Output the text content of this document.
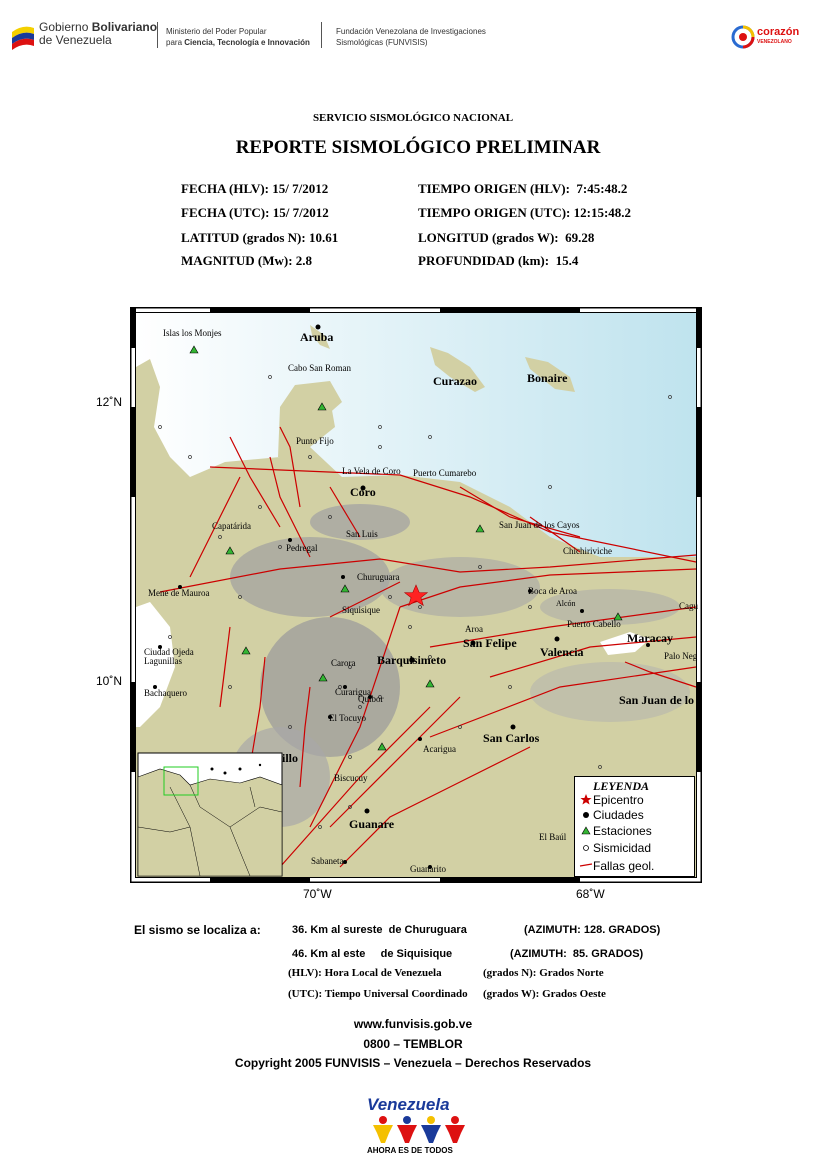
Gobierno Bolivariano
de Venezuela
Ministerio del Poder Popular
para Ciencia, Tecnología e Innovación
Fundación Venezolana de Investigaciones
Sismológicas (FUNVISIS)
corazón
VENEZOLANO
SERVICIO SISMOLÓGICO NACIONAL
REPORTE SISMOLÓGICO PRELIMINAR
FECHA (HLV): 15/ 7/2012	TIEMPO ORIGEN (HLV):  7:45:48.2
FECHA (UTC): 15/ 7/2012	TIEMPO ORIGEN (UTC): 12:15:48.2
LATITUD (grados N): 10.61	LONGITUD (grados W):  69.28
MAGNITUD (Mw): 2.8	PROFUNDIDAD (km):  15.4
12˚N
10˚N
70˚W	68˚W
Aruba
Curazao	Bonaire
Islas los Monjes
Cabo San Roman
Punto Fijo
La Vela de Coro Puerto Cumarebo
Coro
Capatárida
San Luis
Pedregal
San Juan de los Cayos
Chichiriviche
Churuguara
Mene de Mauroa
Siquisique
Boca de Aroa
Alcón
Aroa
San Felipe
Puerto Cabello
Cagu
Maracay
Valencia	Palo Neg
San Juan de lo
Ciudad Ojeda
Lagunillas
Bachaquero
Carora Barquisimeto
Curarigua
Quibor
El Tocuyo
San Carlos
Acarigua
illo
Biscucuy
Guanare
El Baúl
Sabaneta
Guanarito
LEYENDA
Epicentro
Ciudades
Estaciones
Sismicidad
Fallas geol.
El sismo se localiza a:	36. Km al sureste  de Churuguara	(AZIMUTH: 128. GRADOS)
46. Km al este     de Siquisique	(AZIMUTH:  85. GRADOS)
(HLV): Hora Local de Venezuela	(grados N): Grados Norte
(UTC): Tiempo Universal Coordinado (grados W): Grados Oeste
www.funvisis.gob.ve
0800 – TEMBLOR
Copyright 2005 FUNVISIS – Venezuela – Derechos Reservados
Venezuela
AHORA ES DE TODOS
